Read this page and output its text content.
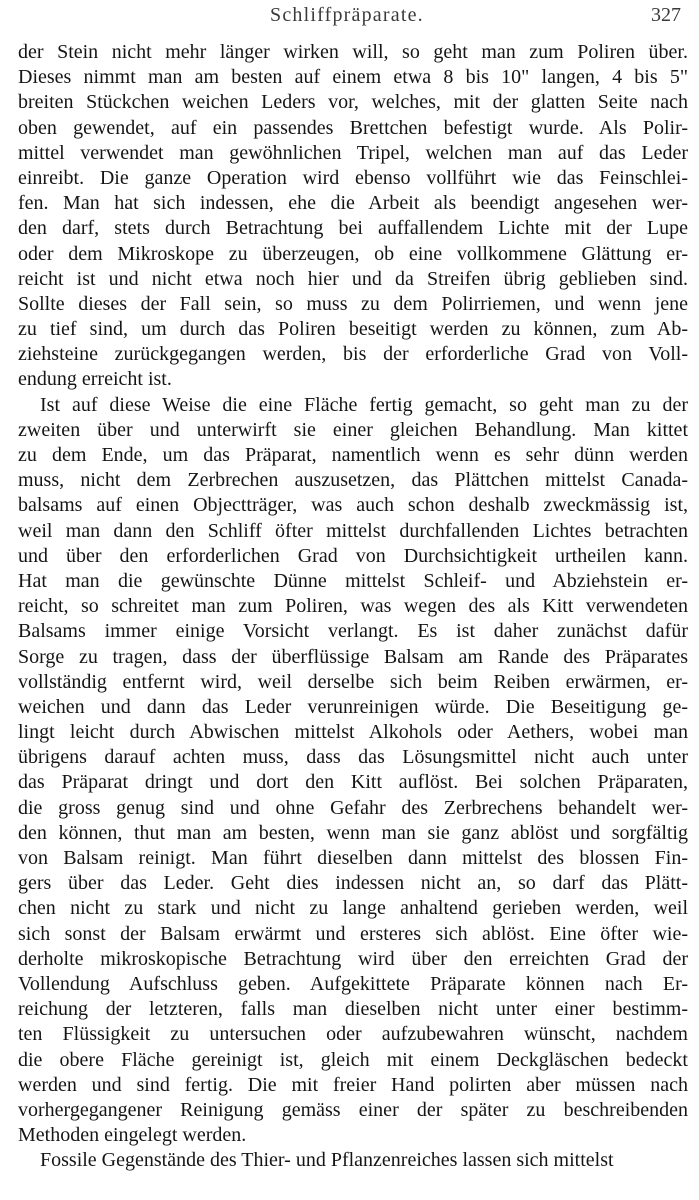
Schliffpräparate.	327
der Stein nicht mehr länger wirken will, so geht man zum Poliren über.
Dieses nimmt man am besten auf einem etwa 8 bis 10" langen, 4 bis 5"
breiten Stückchen weichen Leders vor, welches, mit der glatten Seite nach
oben gewendet, auf ein passendes Brettchen befestigt wurde. Als Polir-
mittel verwendet man gewöhnlichen Tripel, welchen man auf das Leder
einreibt. Die ganze Operation wird ebenso vollführt wie das Feinschlei-
fen. Man hat sich indessen, ehe die Arbeit als beendigt angesehen wer-
den darf, stets durch Betrachtung bei auffallendem Lichte mit der Lupe
oder dem Mikroskope zu überzeugen, ob eine vollkommene Glättung er-
reicht ist und nicht etwa noch hier und da Streifen übrig geblieben sind.
Sollte dieses der Fall sein, so muss zu dem Polirriemen, und wenn jene
zu tief sind, um durch das Poliren beseitigt werden zu können, zum Ab-
ziehsteine zurückgegangen werden, bis der erforderliche Grad von Voll-
endung erreicht ist.
Ist auf diese Weise die eine Fläche fertig gemacht, so geht man zu der
zweiten über und unterwirft sie einer gleichen Behandlung. Man kittet
zu dem Ende, um das Präparat, namentlich wenn es sehr dünn werden
muss, nicht dem Zerbrechen auszusetzen, das Plättchen mittelst Canada-
balsams auf einen Objectträger, was auch schon deshalb zweckmässig ist,
weil man dann den Schliff öfter mittelst durchfallenden Lichtes betrachten
und über den erforderlichen Grad von Durchsichtigkeit urtheilen kann.
Hat man die gewünschte Dünne mittelst Schleif- und Abziehstein er-
reicht, so schreitet man zum Poliren, was wegen des als Kitt verwendeten
Balsams immer einige Vorsicht verlangt. Es ist daher zunächst dafür
Sorge zu tragen, dass der überflüssige Balsam am Rande des Präparates
vollständig entfernt wird, weil derselbe sich beim Reiben erwärmen, er-
weichen und dann das Leder verunreinigen würde. Die Beseitigung ge-
lingt leicht durch Abwischen mittelst Alkohols oder Aethers, wobei man
übrigens darauf achten muss, dass das Lösungsmittel nicht auch unter
das Präparat dringt und dort den Kitt auflöst. Bei solchen Präparaten,
die gross genug sind und ohne Gefahr des Zerbrechens behandelt wer-
den können, thut man am besten, wenn man sie ganz ablöst und sorgfältig
von Balsam reinigt. Man führt dieselben dann mittelst des blossen Fin-
gers über das Leder. Geht dies indessen nicht an, so darf das Plätt-
chen nicht zu stark und nicht zu lange anhaltend gerieben werden, weil
sich sonst der Balsam erwärmt und ersteres sich ablöst. Eine öfter wie-
derholte mikroskopische Betrachtung wird über den erreichten Grad der
Vollendung Aufschluss geben. Aufgekittete Präparate können nach Er-
reichung der letzteren, falls man dieselben nicht unter einer bestimm-
ten Flüssigkeit zu untersuchen oder aufzubewahren wünscht, nachdem
die obere Fläche gereinigt ist, gleich mit einem Deckgläschen bedeckt
werden und sind fertig. Die mit freier Hand polirten aber müssen nach
vorhergegangener Reinigung gemäss einer der später zu beschreibenden
Methoden eingelegt werden.
Fossile Gegenstände des Thier- und Pflanzenreiches lassen sich mittelst
